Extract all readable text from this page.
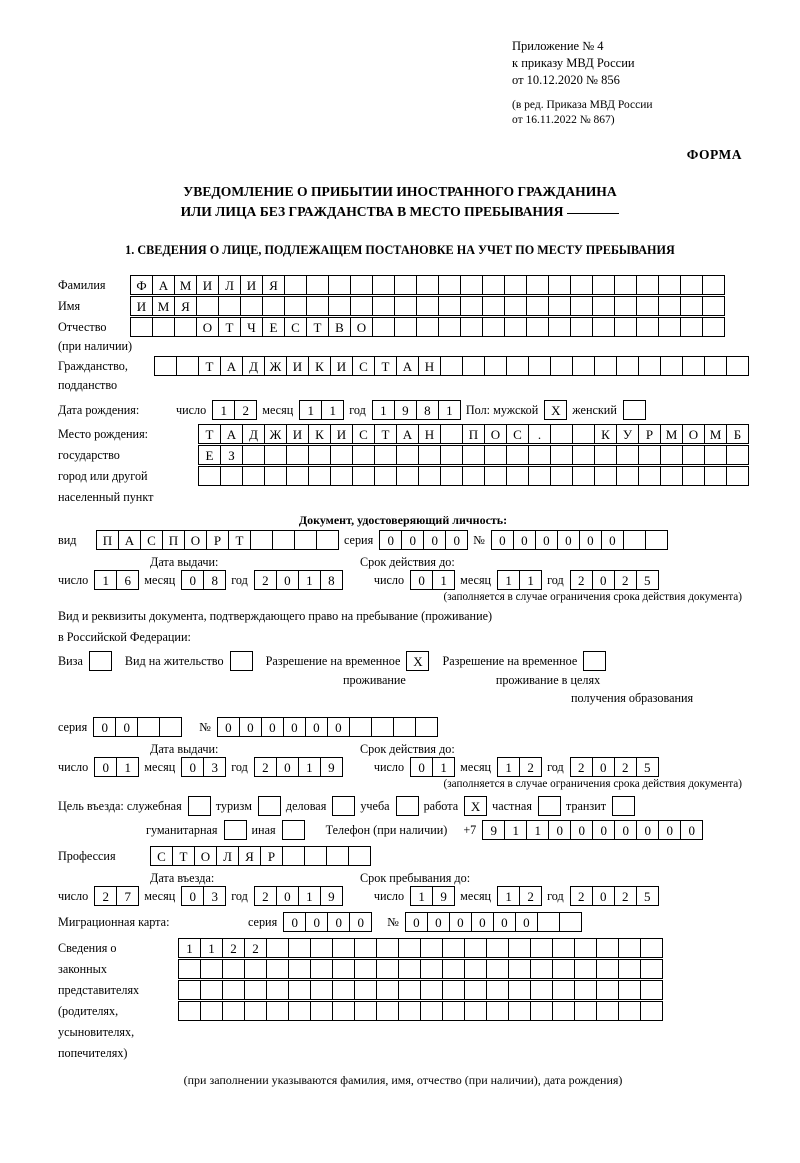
Приложение № 4
к приказу МВД России
от 10.12.2020 № 856
(в ред. Приказа МВД России
от 16.11.2022 № 867)
ФОРМА
УВЕДОМЛЕНИЕ О ПРИБЫТИИ ИНОСТРАННОГО ГРАЖДАНИНА
ИЛИ ЛИЦА БЕЗ ГРАЖДАНСТВА В МЕСТО ПРЕБЫВАНИЯ
1. СВЕДЕНИЯ О ЛИЦЕ, ПОДЛЕЖАЩЕМ ПОСТАНОВКЕ НА УЧЕТ ПО МЕСТУ ПРЕБЫВАНИЯ
Фамилия	Ф А М И Л И Я
Имя	И М Я
Отчество	О	Т	Ч	Е	С	Т	В О
(при наличии)
Гражданство,	Т	А Д Ж И К И С	Т	А Н
подданство
Дата рождения:	число	1	2	месяц	1	1	год	1	9	8	1	Пол: мужской X женский
Место рождения:	Т	А Д Ж И К И С	Т	А Н	П О С	.	К	У	Р М О М Б
государство	Е	З
город или другой
населенный пункт
Документ, удостоверяющий личность:
вид	П А С П О	Р	Т	серия	0	0	0	0	№	0	0	0	0	0	0
Дата выдачи:	Срок действия до:
число	1	6	месяц	0	8	год	2	0	1	8	число	0	1	месяц	1	1	год	2	0	2	5
(заполняется в случае ограничения срока действия документа)
Вид и реквизиты документа, подтверждающего право на пребывание (проживание)
в Российской Федерации:
Виза	Вид на жительство	Разрешение на временное X	Разрешение на временное
проживание	проживание в целях
получения образования
серия	0	0	№	0	0	0	0	0	0
Дата выдачи:	Срок действия до:
число	0	1	месяц	0	3	год	2	0	1	9	число	0	1	месяц	1	2	год	2	0	2	5
(заполняется в случае ограничения срока действия документа)
Цель въезда: служебная	туризм	деловая	учеба	работа X частная	транзит
гуманитарная	иная	Телефон (при наличии)	+7	9	1	1	0	0	0	0	0	0	0
Профессия	С	Т	О Л	Я	Р
Дата въезда:	Срок пребывания до:
число	2	7	месяц	0	3	год	2	0	1	9	число	1	9	месяц	1	2	год	2	0	2	5
Миграционная карта:	серия	0	0	0	0	№	0	0	0	0	0	0
Сведения о	1	1	2	2
законных
представителях
(родителях,
усыновителях,
попечителях)
(при заполнении указываются фамилия, имя, отчество (при наличии), дата рождения)
